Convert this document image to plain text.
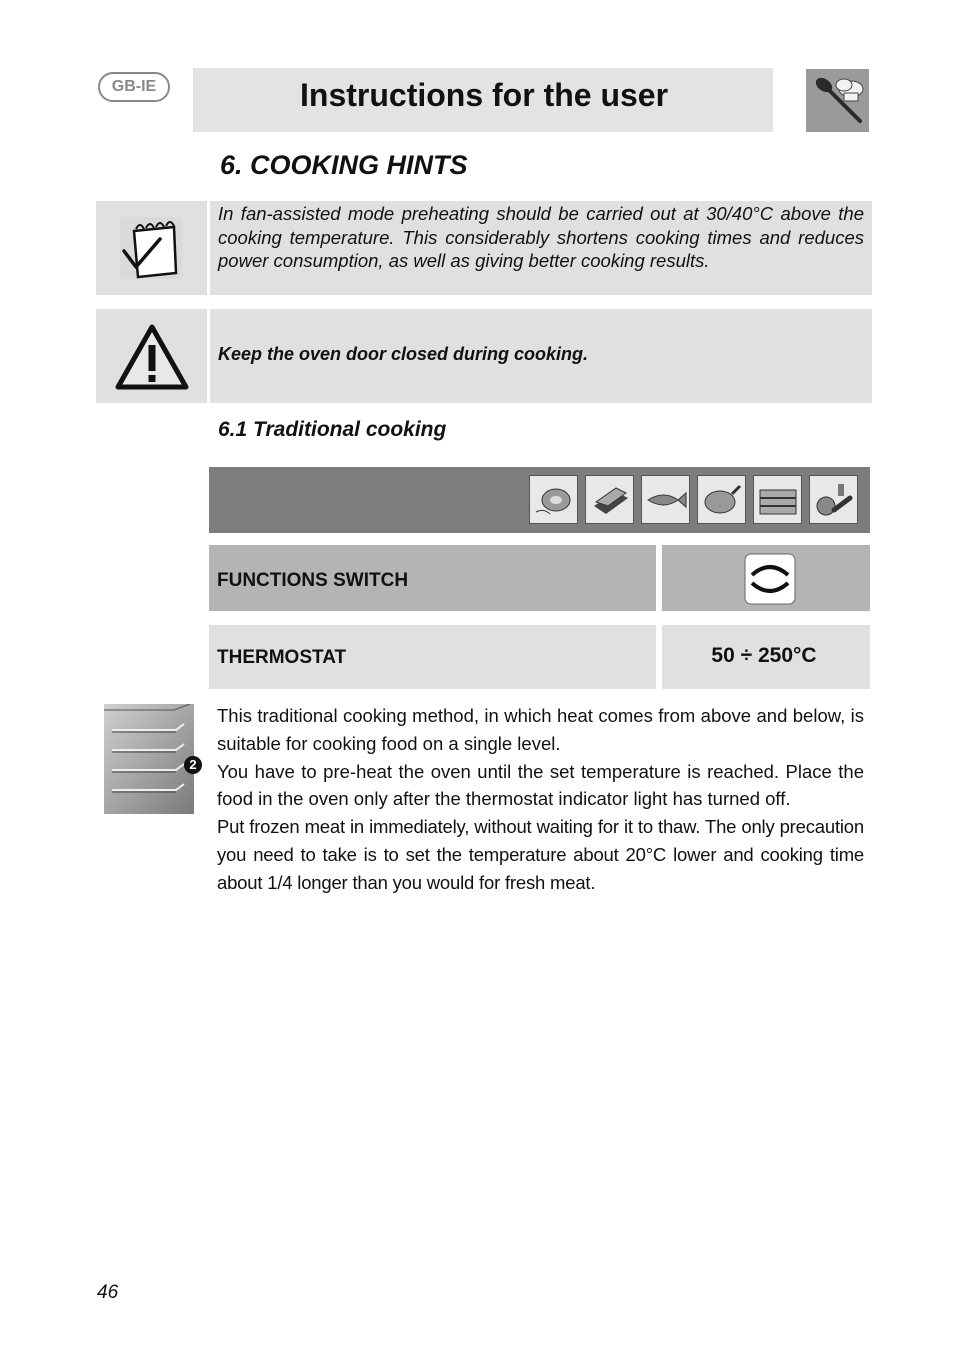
GB-IE	Instructions for the user
6. COOKING HINTS
In fan-assisted mode preheating should be carried out at 30/40°C above the cooking temperature. This considerably shortens cooking times and reduces power consumption, as well as giving better cooking results.
Keep the oven door closed during cooking.
6.1 Traditional cooking
FUNCTIONS SWITCH
THERMOSTAT	50 ÷ 250°C
2

This traditional cooking method, in which heat comes from above and below, is suitable for cooking food on a single level.

You have to pre-heat the oven until the set temperature is reached. Place the food in the oven only after the thermostat indicator light has turned off.

Put frozen meat in immediately, without waiting for it to thaw. The only precaution you need to take is to set the temperature about 20°C lower and cooking time about 1/4 longer than you would for fresh meat.

46
